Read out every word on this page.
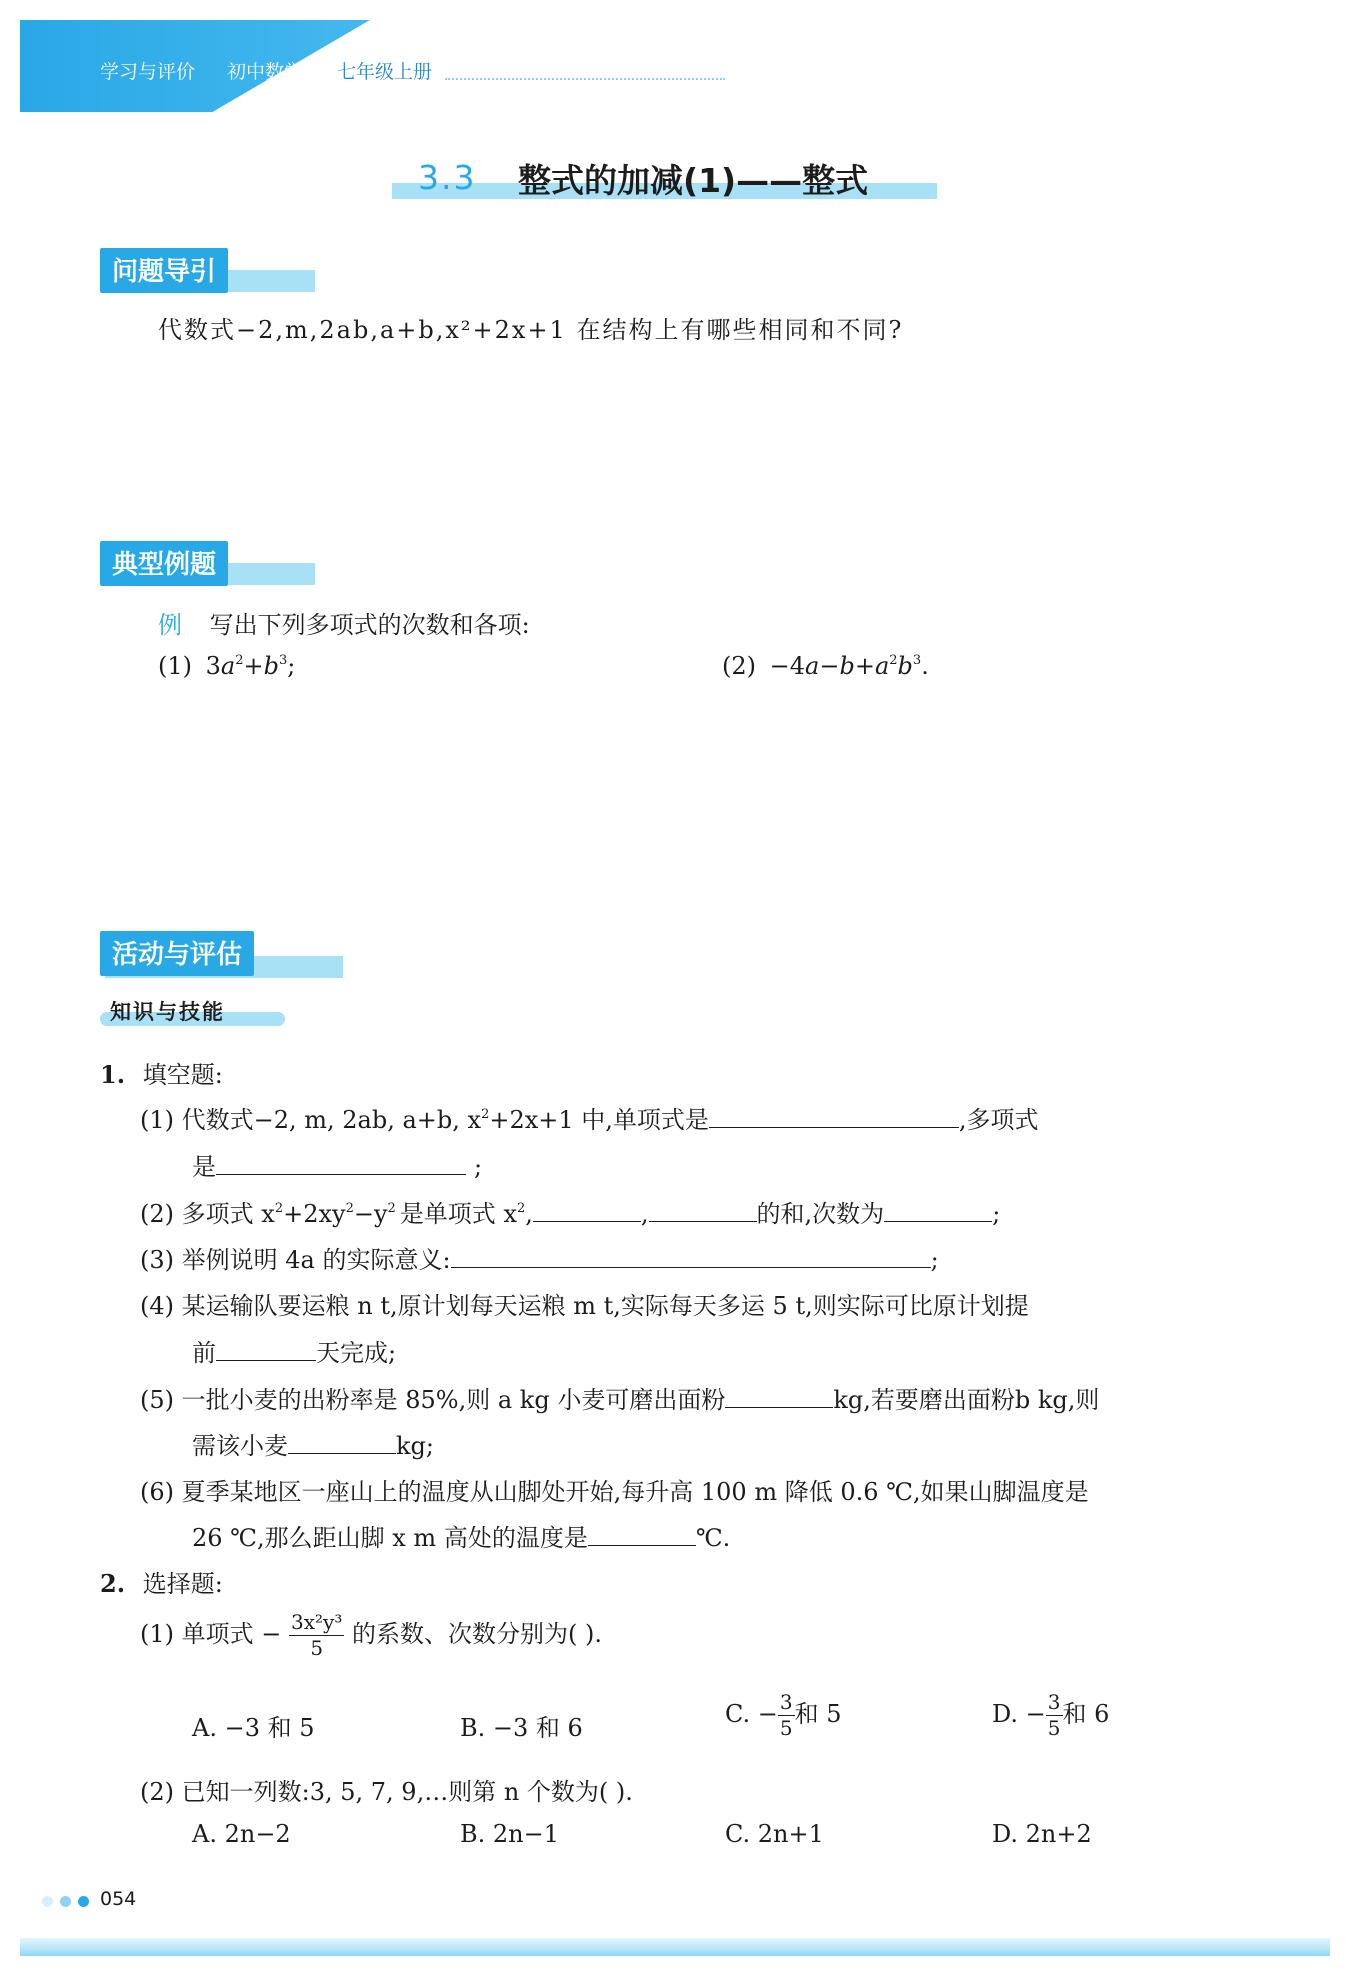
学习与评价 初中数学 七年级上册
3.3 整式的加减(1)——整式
问题导引
代数式−2,m,2ab,a+b,x²+2x+1 在结构上有哪些相同和不同?
典型例题
例 写出下列多项式的次数和各项:
(1) $3a^2+b^3$;	$(2) -4a-b+a^2b^3$.
活动与评估
知识与技能
1. 填空题:
(1) 代数式−2, m, 2ab, a+b, $x^2+2x+1$ 中,单项式是	,多项式
是	;
(2) 多项式 $x^2+2xy^2-y^2$ 是单项式 $x^2$,	,	的和,次数为	;
(3) 举例说明 4a 的实际意义:	;
(4) 某运输队要运粮 n t,原计划每天运粮 m t,实际每天多运 5 t,则实际可比原计划提
前	天完成;
(5) 一批小麦的出粉率是 85%,则 a kg 小麦可磨出面粉	kg,若要磨出面粉b kg,则
需该小麦	kg;
(6) 夏季某地区一座山上的温度从山脚处开始,每升高 100 m 降低 0.6 ℃,如果山脚温度是
26 ℃,那么距山脚 x m 高处的温度是	℃.
2. 选择题:
(1) 单项式 − $\frac{\text{3x²y³}}{5}$ 的系数、次数分别为( ).
A. −3 和 5	B. −3 和 6	C. − $\frac{3}{5}$ 和 5	D. − $\frac{3}{5}$ 和 6
(2) 已知一列数:3, 5, 7, 9,…则第 n 个数为( ).
A. 2n−2	B. 2n−1	C. 2n+1	D. 2n+2
054
